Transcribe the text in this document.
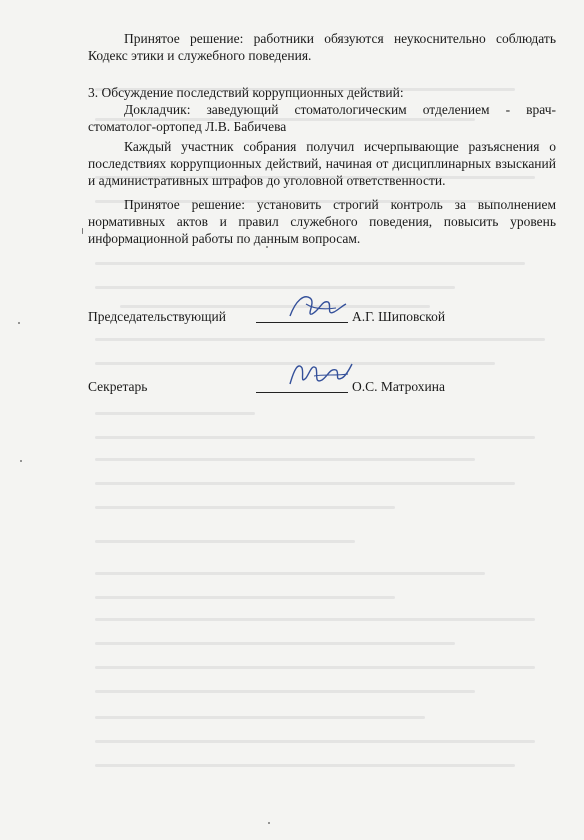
Принятое решение: работники обязуются неукоснительно соблюдать Кодекс этики и служебного поведения.
3. Обсуждение последствий коррупционных действий:
Докладчик: заведующий стоматологическим отделением - врач-стоматолог-ортопед Л.В. Бабичева
Каждый участник собрания получил исчерпывающие разъяснения о последствиях коррупционных действий, начиная от дисциплинарных взысканий и административных штрафов до уголовной ответственности.
Принятое решение: установить строгий контроль за выполнением нормативных актов и правил служебного поведения, повысить уровень информационной работы по данным вопросам.
Председательствующий	А.Г. Шиповской
Секретарь	О.С. Матрохина
